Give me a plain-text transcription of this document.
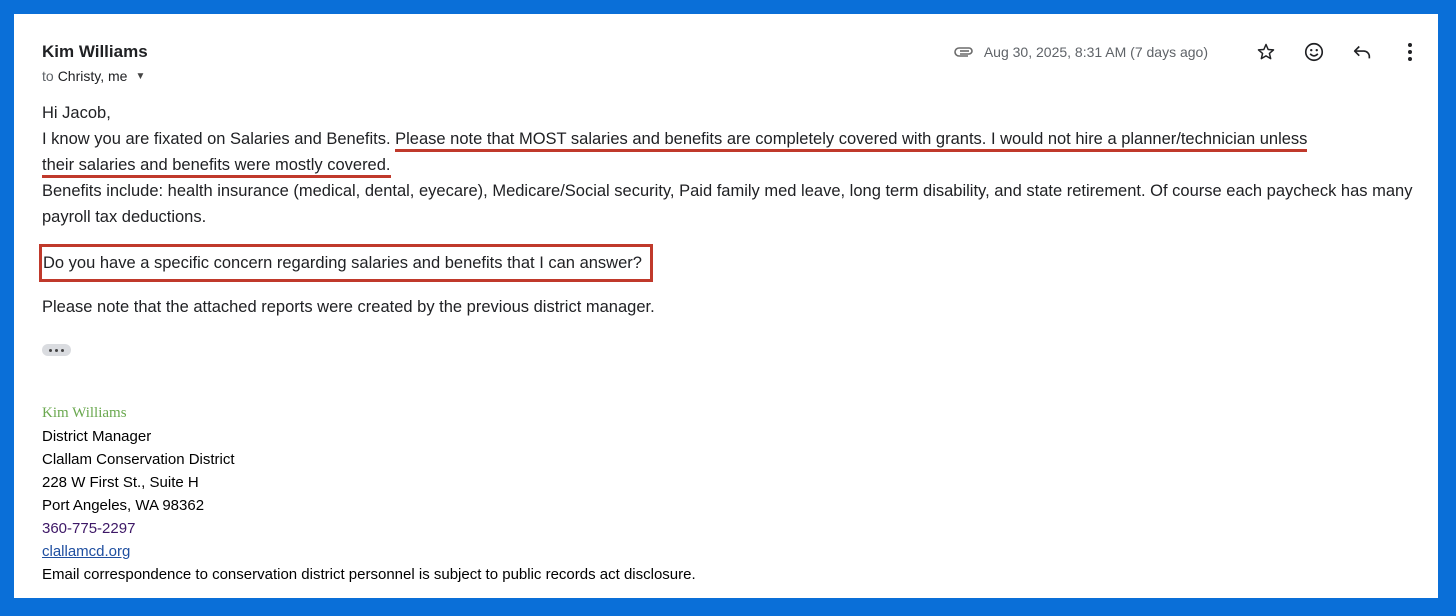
Kim Williams
to Christy, me ▼
Aug 30, 2025, 8:31 AM (7 days ago)

Hi Jacob,

I know you are fixated on Salaries and Benefits. Please note that MOST salaries and benefits are completely covered with grants. I would not hire a planner/technician unless
their salaries and benefits were mostly covered.

Benefits include: health insurance (medical, dental, eyecare), Medicare/Social security, Paid family med leave, long term disability, and state retirement. Of course each paycheck has many payroll tax deductions.

Do you have a specific concern regarding salaries and benefits that I can answer?

Please note that the attached reports were created by the previous district manager.

Kim Williams
District Manager
Clallam Conservation District
228 W First St., Suite H
Port Angeles, WA 98362
360-775-2297
clallamcd.org
Email correspondence to conservation district personnel is subject to public records act disclosure.
